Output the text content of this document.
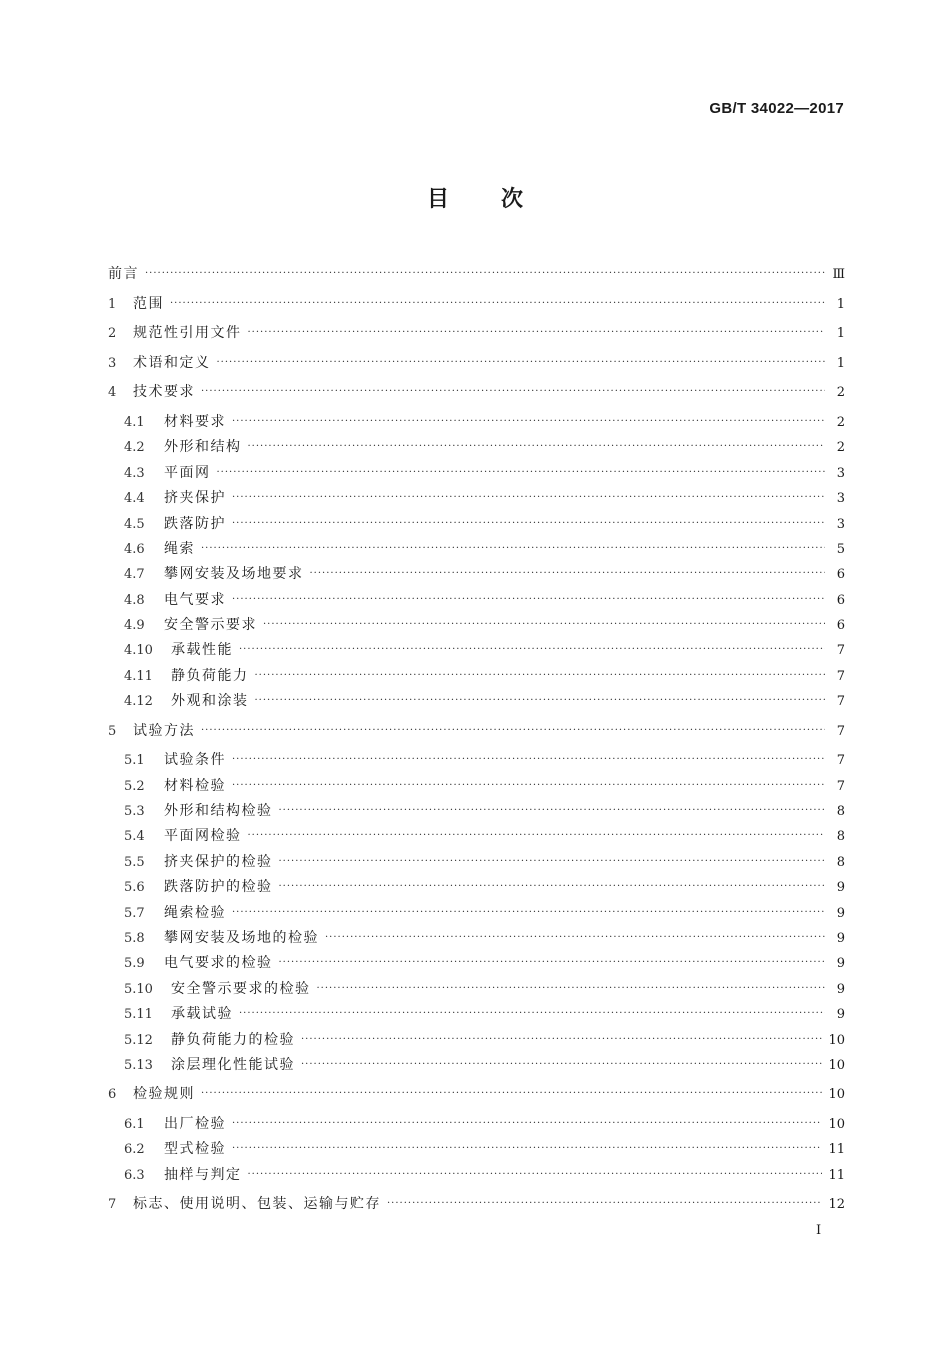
GB/T 34022—2017
目次
前言 ·····	Ⅲ
1	范围 ·····	1
2	规范性引用文件 ·····	1
3	术语和定义 ·····	1
4	技术要求 ·····	2
4.1	材料要求 ·····	2
4.2	外形和结构 ·····	2
4.3	平面网 ·····	3
4.4	挤夹保护 ·····	3
4.5	跌落防护 ·····	3
4.6	绳索 ·····	5
4.7	攀网安装及场地要求 ·····	6
4.8	电气要求 ·····	6
4.9	安全警示要求 ·····	6
4.10	承载性能 ·····	7
4.11	静负荷能力 ·····	7
4.12	外观和涂装 ·····	7
5	试验方法 ·····	7
5.1	试验条件 ·····	7
5.2	材料检验 ·····	7
5.3	外形和结构检验 ·····	8
5.4	平面网检验 ·····	8
5.5	挤夹保护的检验 ·····	8
5.6	跌落防护的检验 ·····	9
5.7	绳索检验 ·····	9
5.8	攀网安装及场地的检验 ·····	9
5.9	电气要求的检验 ·····	9
5.10	安全警示要求的检验 ·····	9
5.11	承载试验 ·····	9
5.12	静负荷能力的检验 ·····	10
5.13	涂层理化性能试验 ·····	10
6	检验规则 ·····	10
6.1	出厂检验 ·····	10
6.2	型式检验 ·····	11
6.3	抽样与判定 ·····	11
7	标志、使用说明、包装、运输与贮存 ·····	12
I
